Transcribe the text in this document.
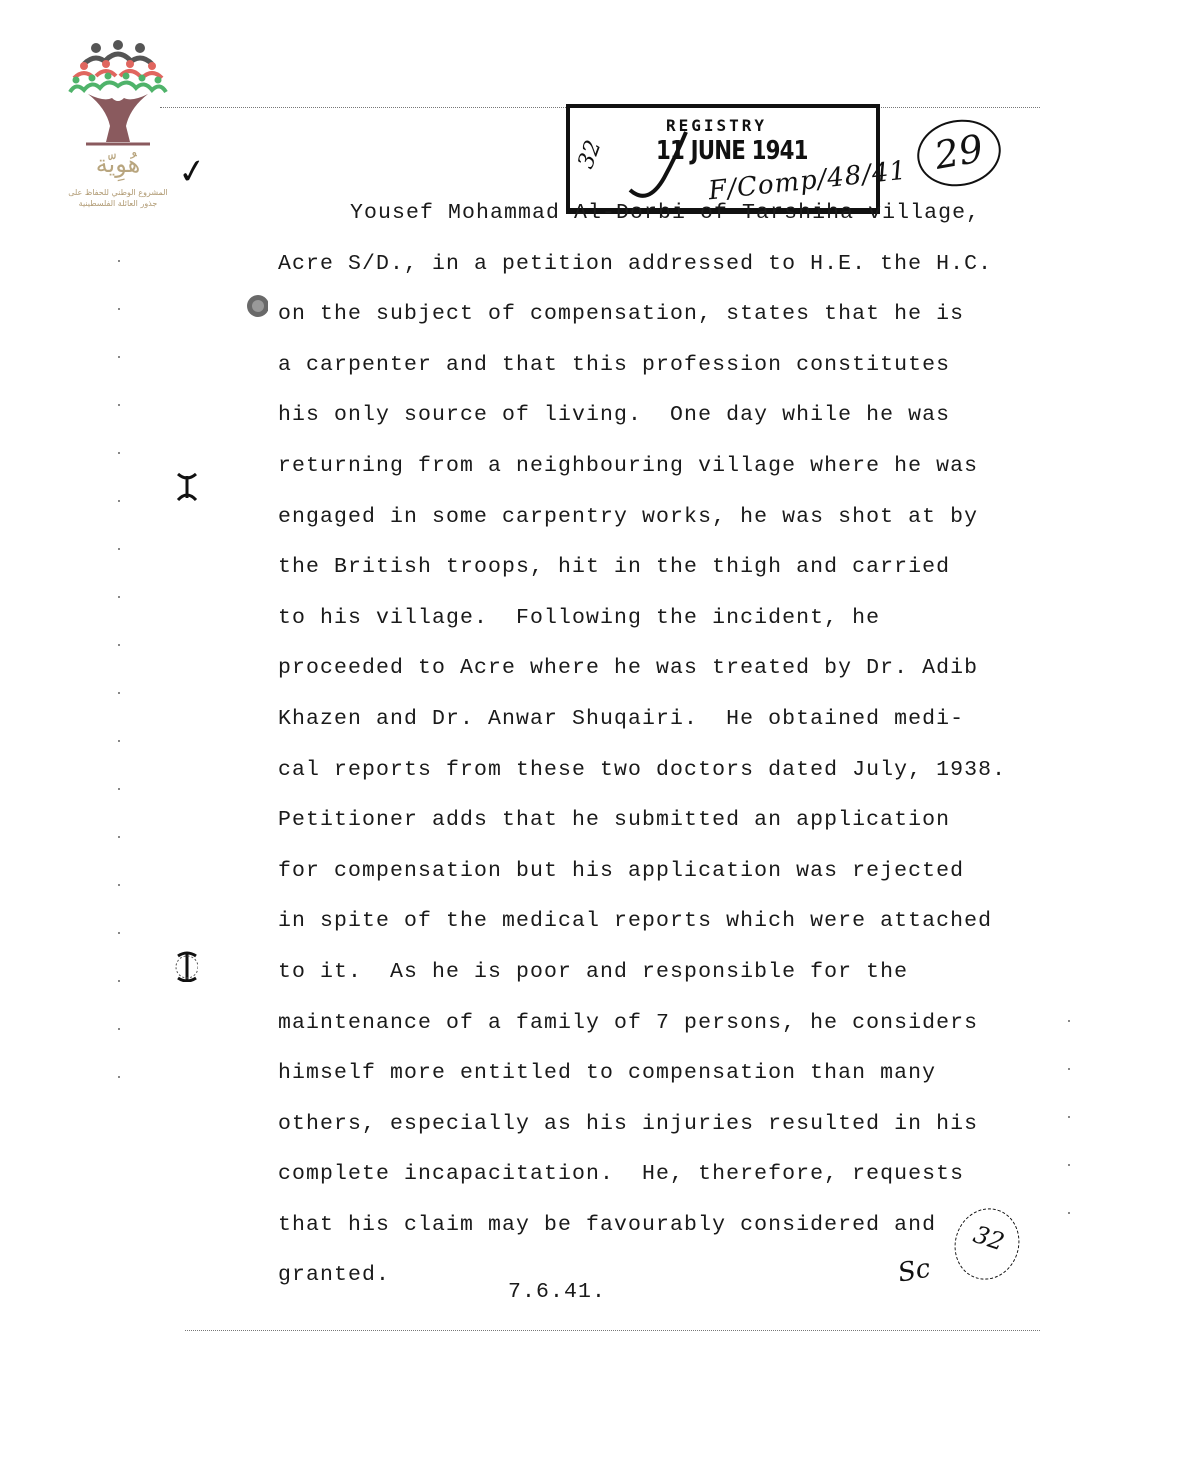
هُوِيّة
المشروع الوطني للحفاظ على
جذور العائلة الفلسطينية
✓
REGISTRY
32 11 JUNE 1941
F/Comp/48/41
29
Yousef Mohammad Al-Dorbi of Tarshiha village,
Acre S/D., in a petition addressed to H.E. the H.C.
on the subject of compensation, states that he is
a carpenter and that this profession constitutes
his only source of living.  One day while he was
returning from a neighbouring village where he was
engaged in some carpentry works, he was shot at by
the British troops, hit in the thigh and carried
to his village.  Following the incident, he
proceeded to Acre where he was treated by Dr. Adib
Khazen and Dr. Anwar Shuqairi.  He obtained medi-
cal reports from these two doctors dated July, 1938.
Petitioner adds that he submitted an application
for compensation but his application was rejected
in spite of the medical reports which were attached
to it.  As he is poor and responsible for the
maintenance of a family of 7 persons, he considers
himself more entitled to compensation than many
others, especially as his injuries resulted in his
complete incapacitation.  He, therefore, requests
that his claim may be favourably considered and
granted.
7.6.41.
Sc
32
